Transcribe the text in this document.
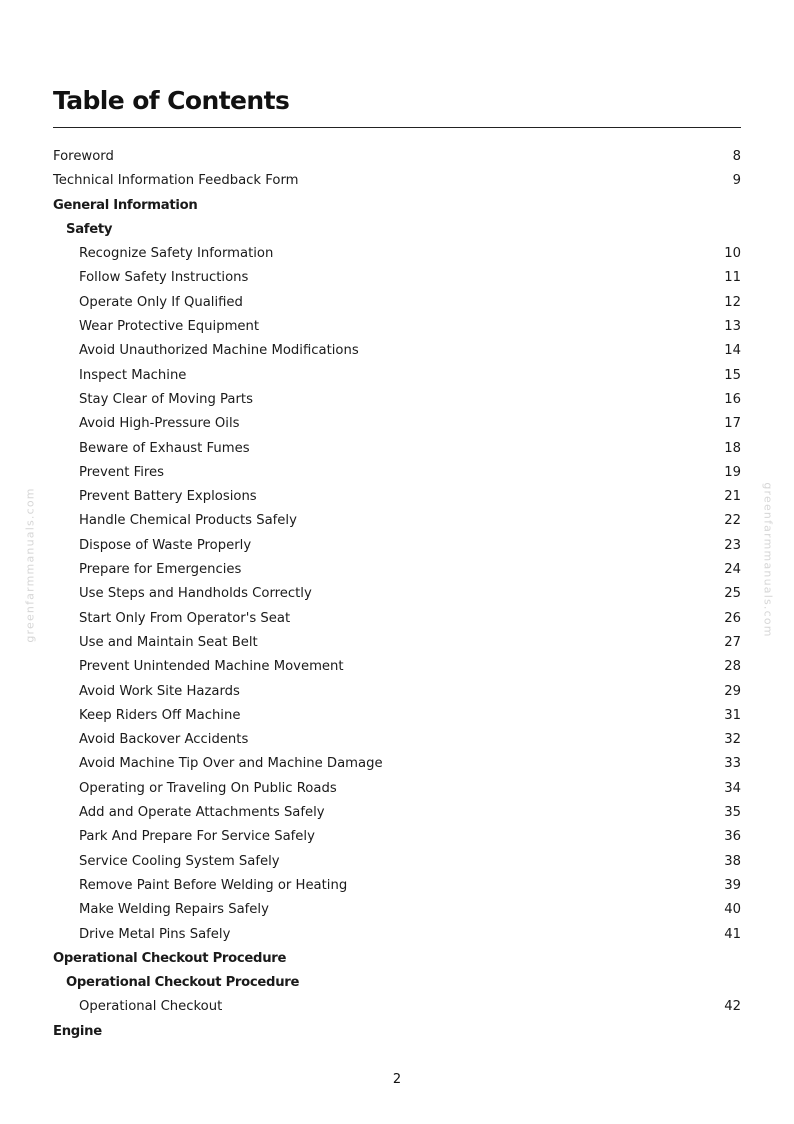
Table of Contents
Foreword	8
Technical Information Feedback Form	9
General Information
Safety
Recognize Safety Information	10
Follow Safety Instructions	11
Operate Only If Qualified	12
Wear Protective Equipment	13
Avoid Unauthorized Machine Modifications	14
Inspect Machine	15
Stay Clear of Moving Parts	16
Avoid High-Pressure Oils	17
Beware of Exhaust Fumes	18
Prevent Fires	19
Prevent Battery Explosions	21
Handle Chemical Products Safely	22
Dispose of Waste Properly	23
Prepare for Emergencies	24
Use Steps and Handholds Correctly	25
Start Only From Operator's Seat	26
Use and Maintain Seat Belt	27
Prevent Unintended Machine Movement	28
Avoid Work Site Hazards	29
Keep Riders Off Machine	31
Avoid Backover Accidents	32
Avoid Machine Tip Over and Machine Damage	33
Operating or Traveling On Public Roads	34
Add and Operate Attachments Safely	35
Park And Prepare For Service Safely	36
Service Cooling System Safely	38
Remove Paint Before Welding or Heating	39
Make Welding Repairs Safely	40
Drive Metal Pins Safely	41
Operational Checkout Procedure
Operational Checkout Procedure
Operational Checkout	42
Engine
greenfarmmanuals.com	greenfarmmanuals.com
2
